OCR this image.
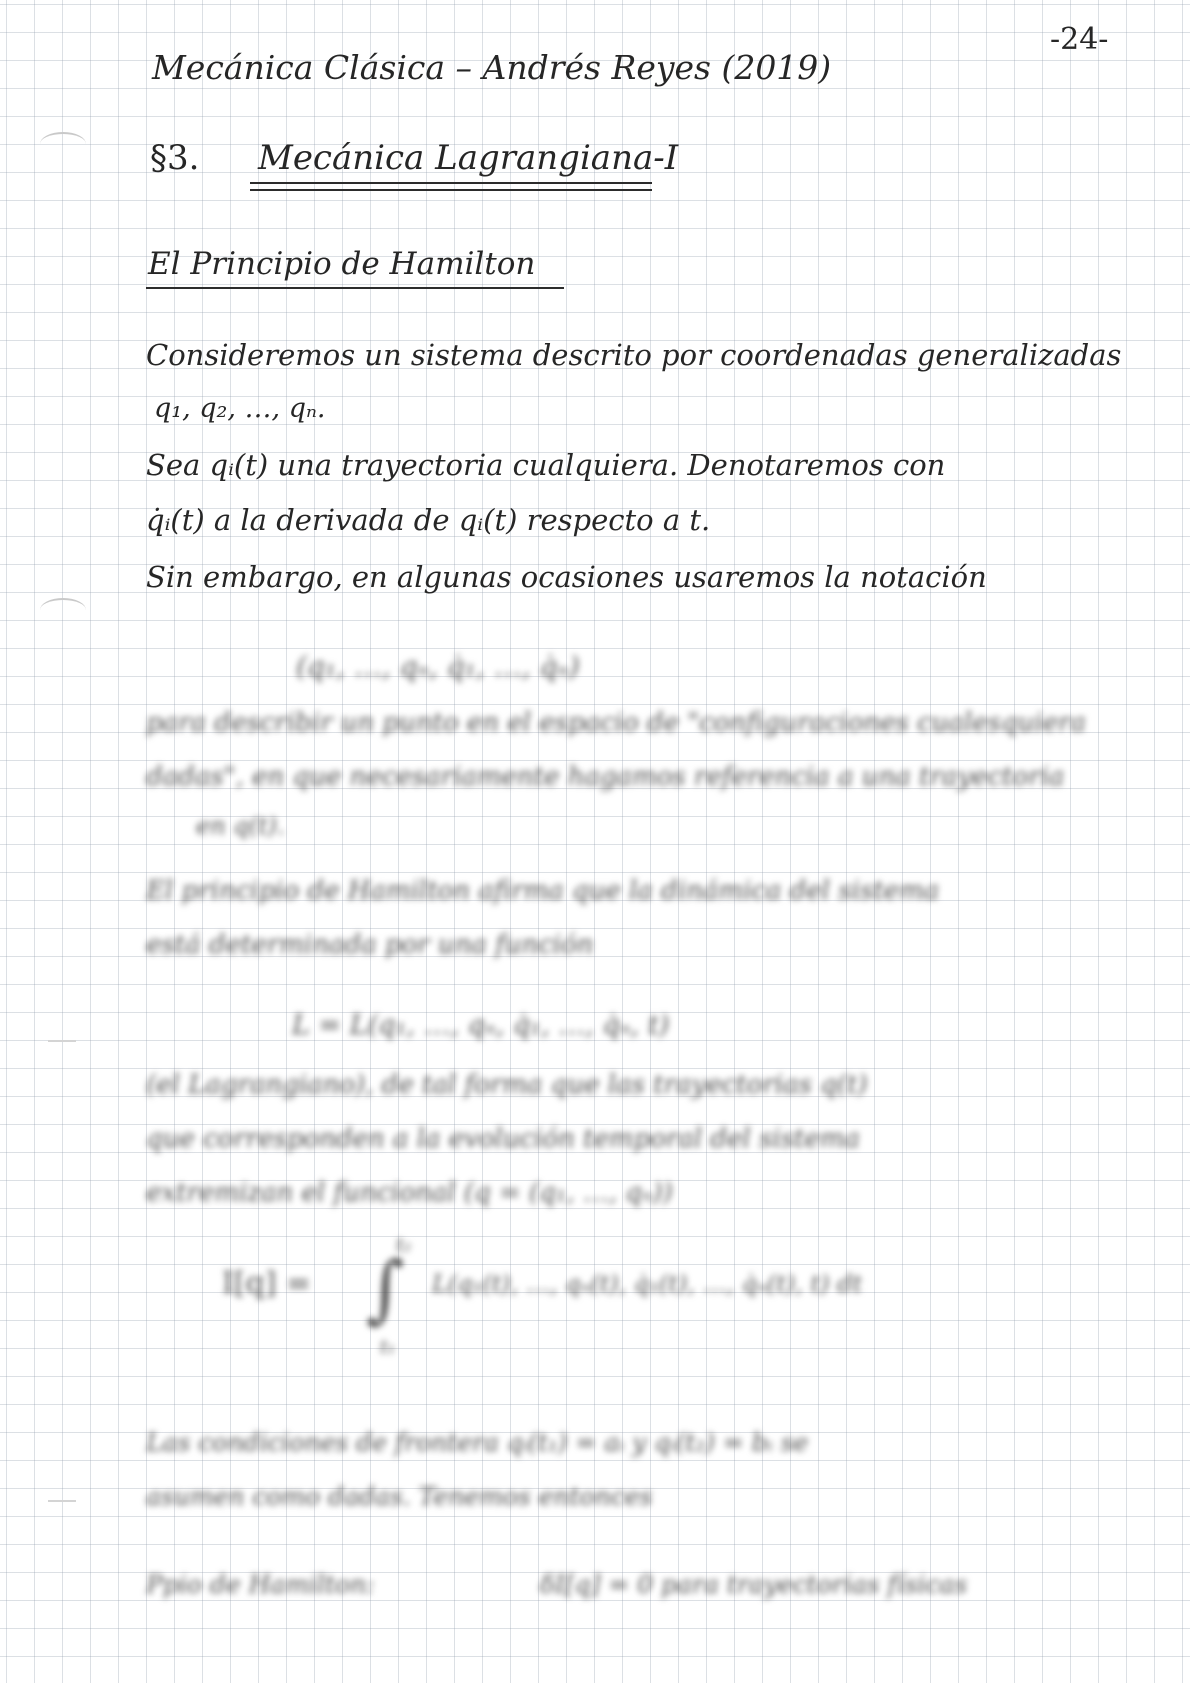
-24-
Mecánica Clásica – Andrés Reyes (2019)
§3. Mecánica Lagrangiana-I
El Principio de Hamilton
Consideremos un sistema descrito por coordenadas generalizadas
q₁, q₂, …, qₙ.
Sea qᵢ(t) una trayectoria cualquiera. Denotaremos con
q̇ᵢ(t) a la derivada de qᵢ(t) respecto a t.
Sin embargo, en algunas ocasiones usaremos la notación
(q₁, …, qₙ, q̇₁, …, q̇ₙ)
para describir un punto en el espacio de "configuraciones cualesquiera
dadas", en que necesariamente hagamos referencia a una trayectoria
en q(t).
El principio de Hamilton afirma que la dinámica del sistema
está determinada por una función
L = L(q₁, …, qₙ, q̇₁, …, q̇ₙ, t)
(el Lagrangiano), de tal forma que las trayectorias q(t)
que corresponden a la evolución temporal del sistema
extremizan el funcional (q = (q₁, …, qₙ))
I[q] = ∫
t₂
t₁
L(q₁(t), …, qₙ(t), q̇₁(t), …, q̇ₙ(t), t) dt
Las condiciones de frontera qᵢ(t₁) = aᵢ y qᵢ(t₂) = bᵢ se
asumen como dadas. Tenemos entonces
Ppio de Hamilton:	δI[q] = 0 para trayectorias físicas
